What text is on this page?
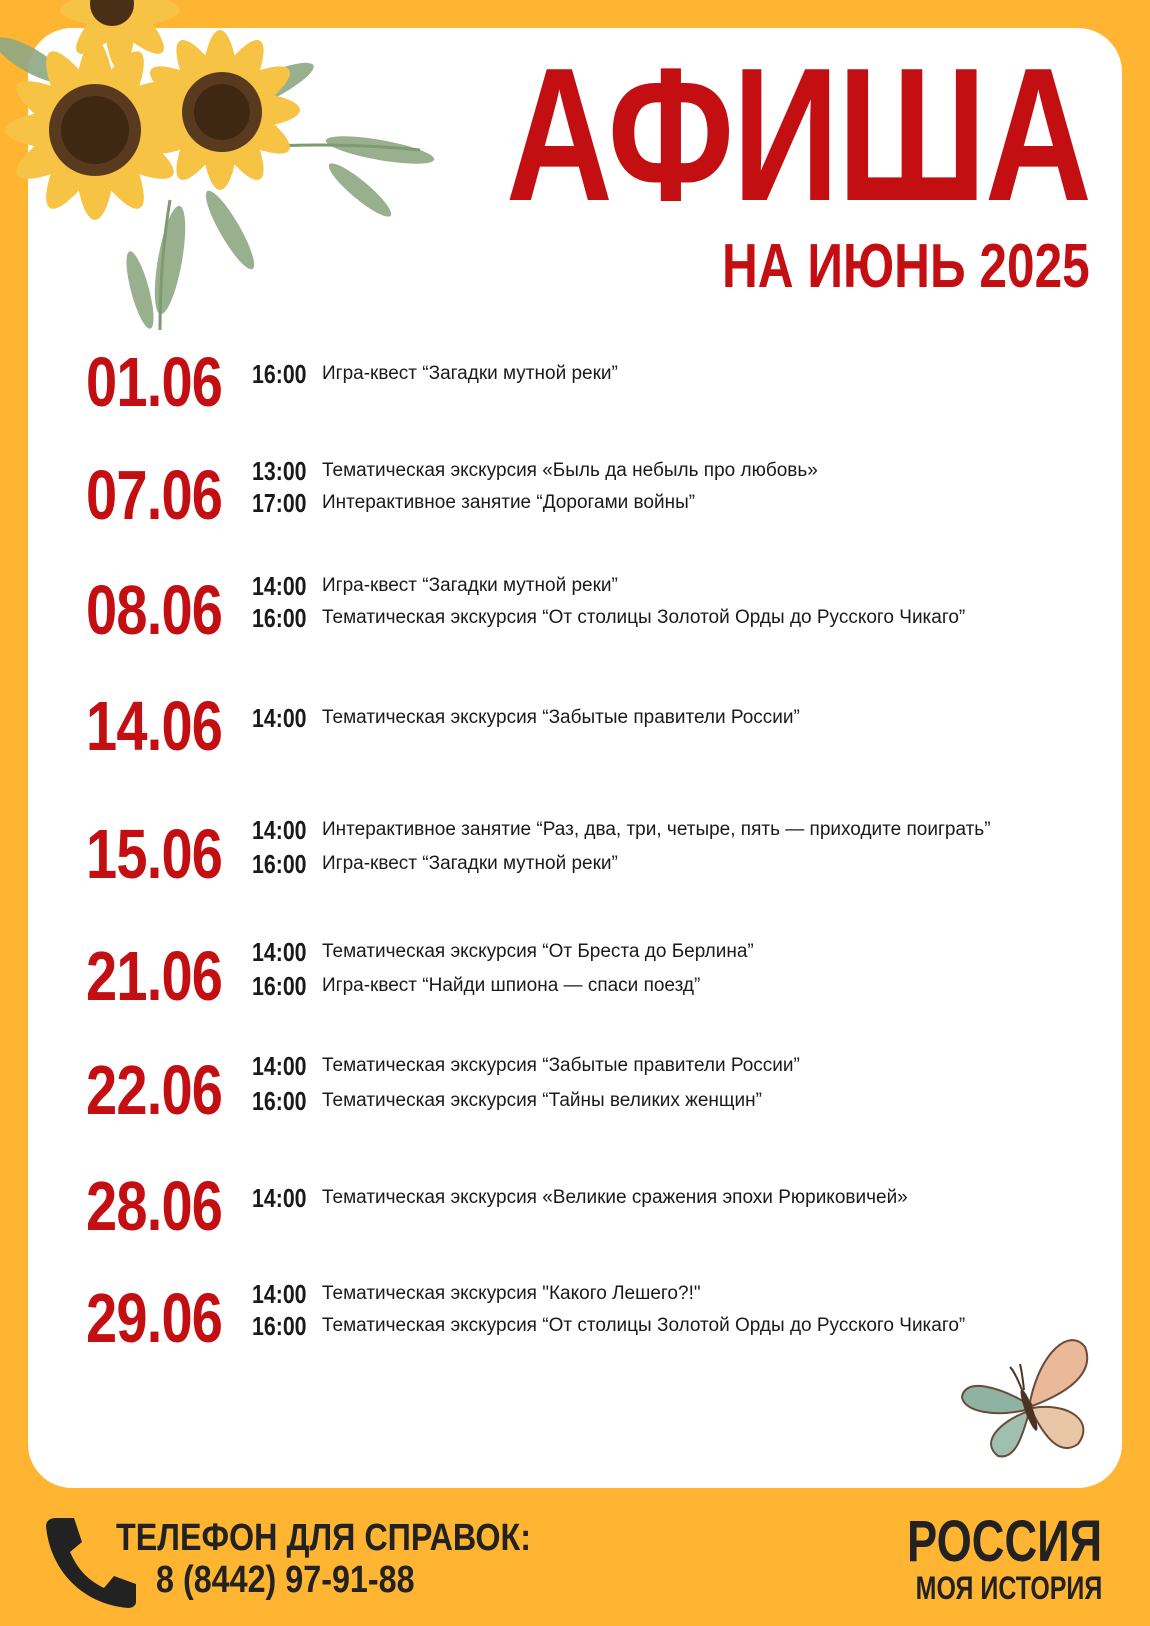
АФИША
НА ИЮНЬ 2025
01.06 16:00 Игра-квест “Загадки мутной реки”
07.06 13:00 Тематическая экскурсия «Быль да небыль про любовь»
17:00 Интерактивное занятие “Дорогами войны”
08.06 14:00 Игра-квест “Загадки мутной реки”
16:00 Тематическая экскурсия “От столицы Золотой Орды до Русского Чикаго”
14.06 14:00 Тематическая экскурсия “Забытые правители России”
15.06 14:00 Интерактивное занятие “Раз, два, три, четыре, пять — приходите поиграть”
16:00 Игра-квест “Загадки мутной реки”
21.06 14:00 Тематическая экскурсия “От Бреста до Берлина”
16:00 Игра-квест “Найди шпиона — спаси поезд”
22.06 14:00 Тематическая экскурсия “Забытые правители России”
16:00 Тематическая экскурсия “Тайны великих женщин”
28.06 14:00 Тематическая экскурсия «Великие сражения эпохи Рюриковичей»
29.06 14:00 Тематическая экскурсия "Какого Лешего?!"
16:00 Тематическая экскурсия “От столицы Золотой Орды до Русского Чикаго”
ТЕЛЕФОН ДЛЯ СПРАВОК:
8 (8442) 97-91-88
РОССИЯ
МОЯ ИСТОРИЯ
